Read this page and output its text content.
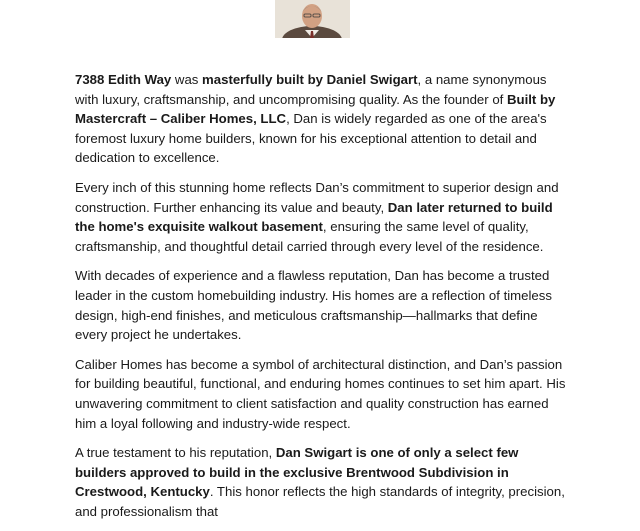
7388 Edith Way was masterfully built by Daniel Swigart, a name synonymous with luxury, craftsmanship, and uncompromising quality. As the founder of Built by Mastercraft – Caliber Homes, LLC, Dan is widely regarded as one of the area's foremost luxury home builders, known for his exceptional attention to detail and dedication to excellence.

Every inch of this stunning home reflects Dan’s commitment to superior design and construction. Further enhancing its value and beauty, Dan later returned to build the home's exquisite walkout basement, ensuring the same level of quality, craftsmanship, and thoughtful detail carried through every level of the residence.

With decades of experience and a flawless reputation, Dan has become a trusted leader in the custom homebuilding industry. His homes are a reflection of timeless design, high-end finishes, and meticulous craftsmanship—hallmarks that define every project he undertakes.

Caliber Homes has become a symbol of architectural distinction, and Dan’s passion for building beautiful, functional, and enduring homes continues to set him apart. His unwavering commitment to client satisfaction and quality construction has earned him a loyal following and industry-wide respect.

A true testament to his reputation, Dan Swigart is one of only a select few builders approved to build in the exclusive Brentwood Subdivision in Crestwood, Kentucky. This honor reflects the high standards of integrity, precision, and professionalism that
